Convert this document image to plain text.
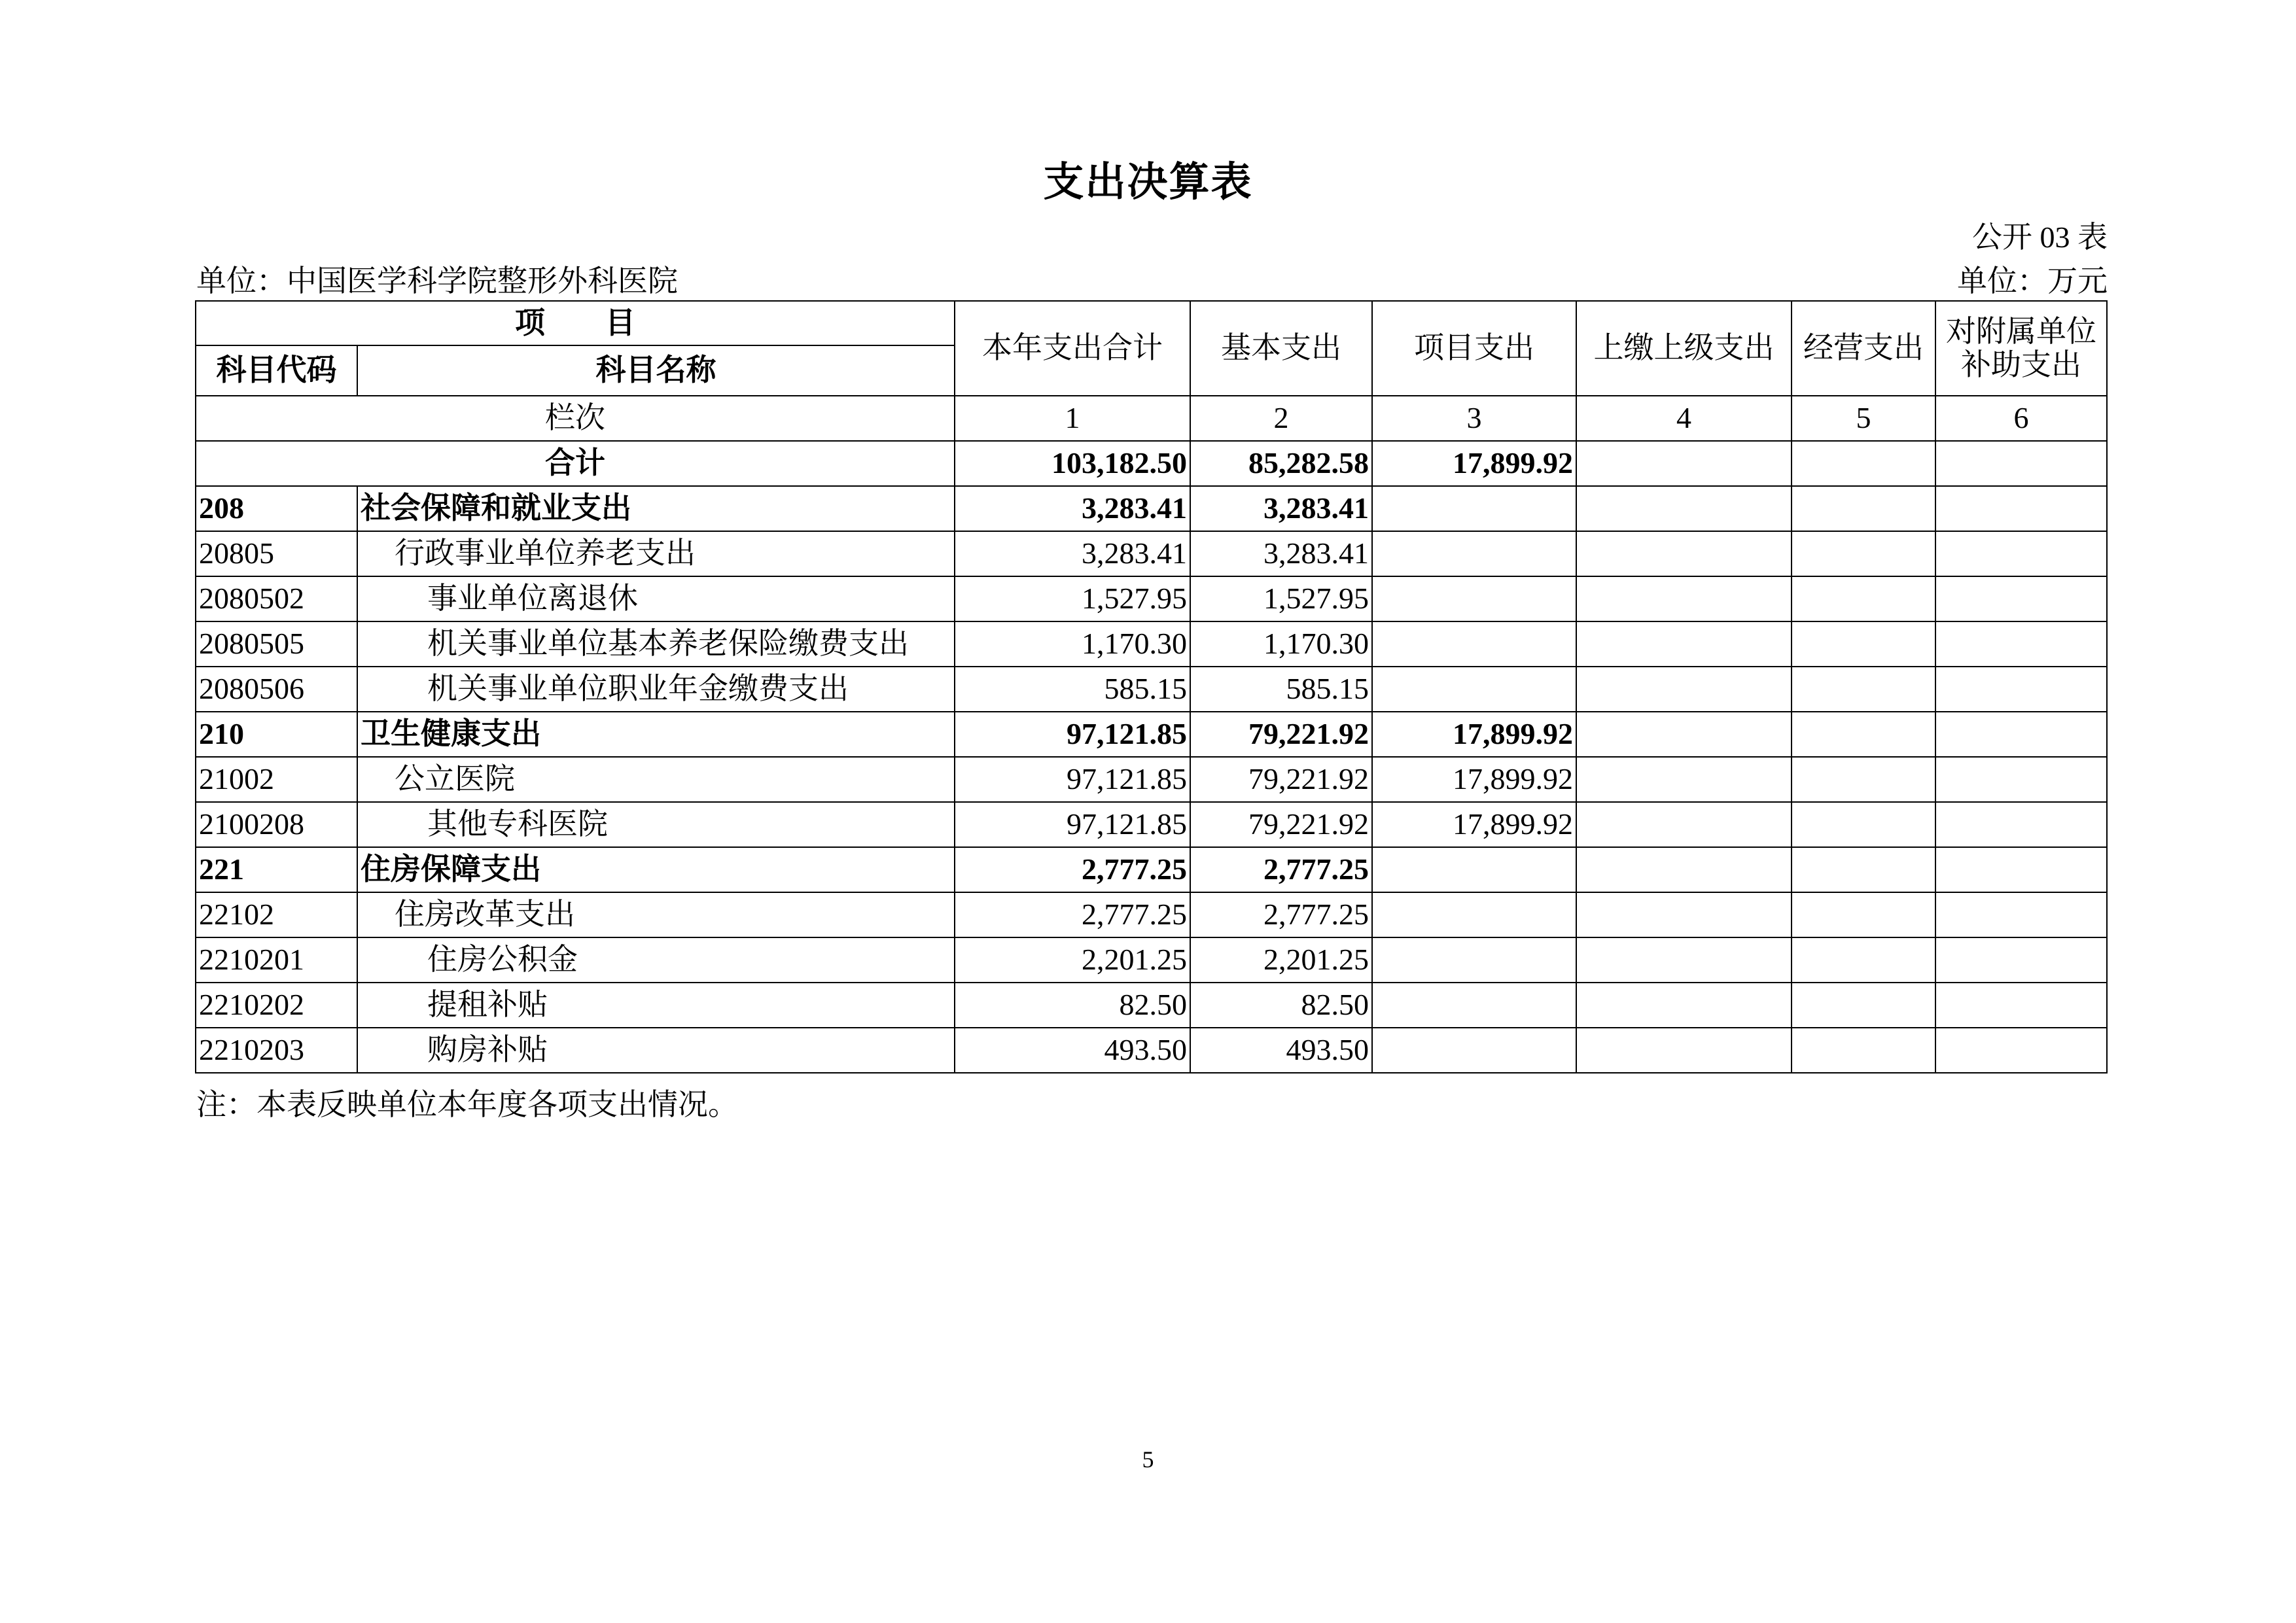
支出决算表
公开 03 表
单位：中国医学科学院整形外科医院	单位：万元
项　　目		本年支出合计	基本支出	项目支出	上缴上级支出	经营支出	对附属单位
补助支出
科目代码	科目名称						
栏次		1	2	3	4	5	6
合计		103,182.50	85,282.58	17,899.92			
208	社会保障和就业支出	3,283.41	3,283.41				
20805	行政事业单位养老支出	3,283.41	3,283.41				
2080502	事业单位离退休	1,527.95	1,527.95				
2080505	机关事业单位基本养老保险缴费支出	1,170.30	1,170.30				
2080506	机关事业单位职业年金缴费支出	585.15	585.15				
210	卫生健康支出	97,121.85	79,221.92	17,899.92			
21002	公立医院	97,121.85	79,221.92	17,899.92			
2100208	其他专科医院	97,121.85	79,221.92	17,899.92			
221	住房保障支出	2,777.25	2,777.25				
22102	住房改革支出	2,777.25	2,777.25				
2210201	住房公积金	2,201.25	2,201.25				
2210202	提租补贴	82.50	82.50				
2210203	购房补贴	493.50	493.50				
注：本表反映单位本年度各项支出情况。
5
